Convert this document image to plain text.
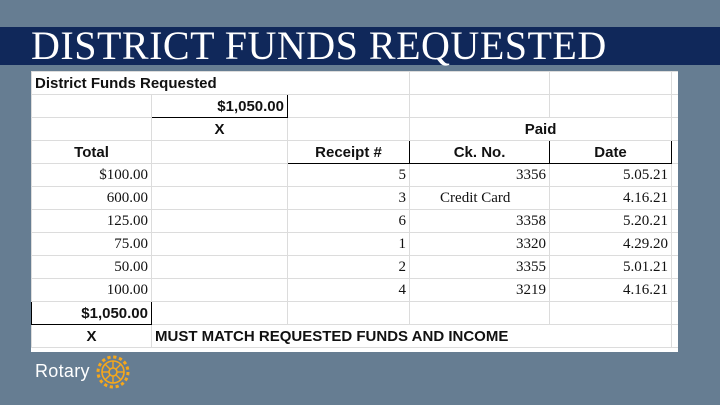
DISTRICT FUNDS REQUESTED
District Funds Requested					
	$1,050.00				
	X		Paid		
Total		Receipt #	Ck. No.	Date	
$100.00		5	3356	5.05.21	
600.00		3	Credit Card	4.16.21	
125.00		6	3358	5.20.21	
75.00		1	3320	4.29.20	
50.00		2	3355	5.01.21	
100.00		4	3219	4.16.21	
$1,050.00					
X	MUST MATCH REQUESTED FUNDS AND INCOME				
Rotary
